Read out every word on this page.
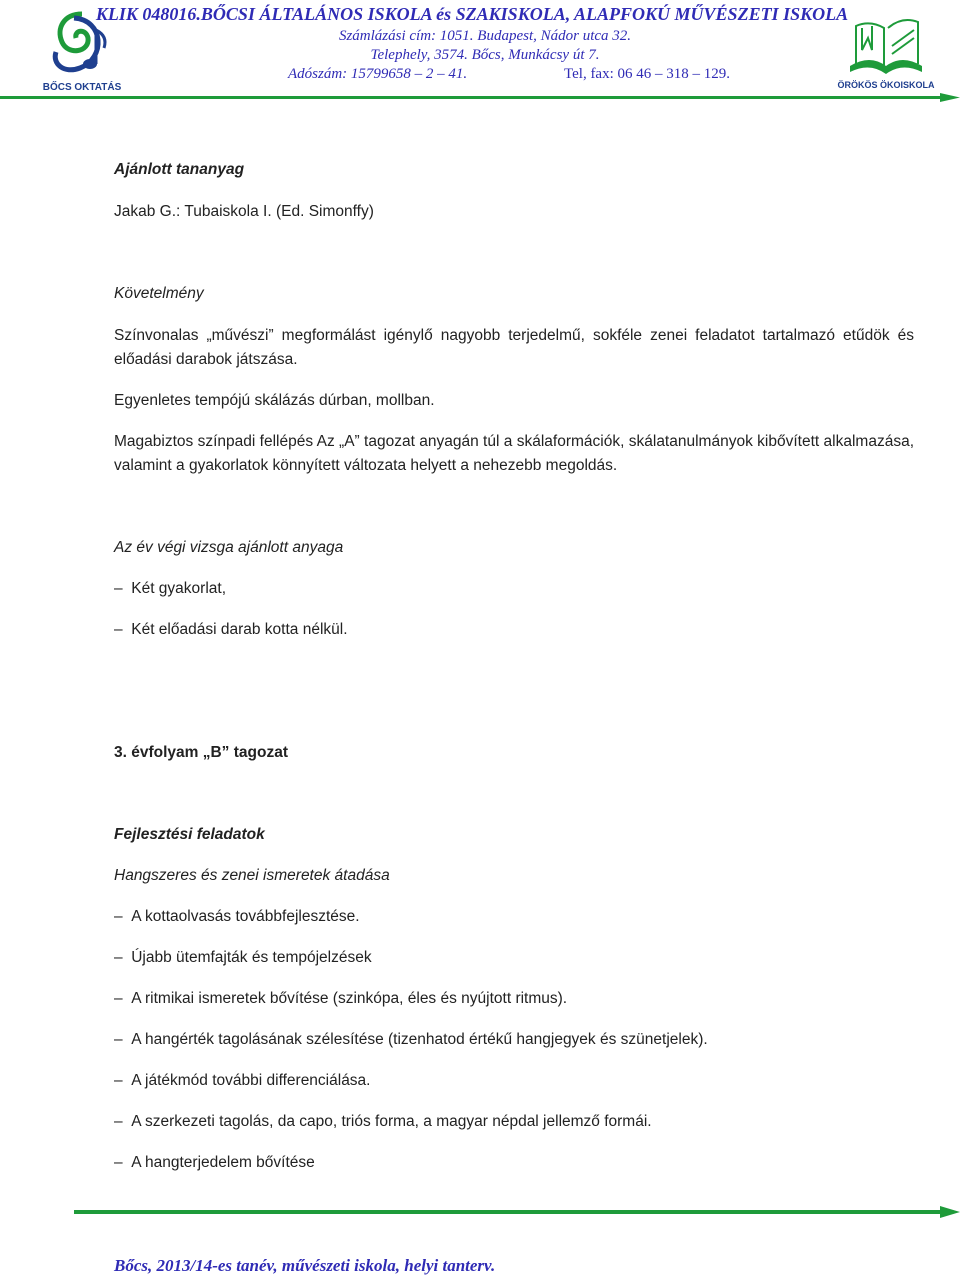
BŐCS OKTATÁS
KLIK 048016.BŐCSI ÁLTALÁNOS ISKOLA és SZAKISKOLA, ALAPFOKÚ MŰVÉSZETI ISKOLA
Számlázási cím: 1051. Budapest, Nádor utca 32.
Telephely, 3574. Bőcs, Munkácsy út 7.
Adószám: 15799658 – 2 – 41.	Tel, fax: 06 46 – 318 – 129.
ÖRÖKÖS ÖKOISKOLA
Ajánlott tananyag
Jakab G.: Tubaiskola I. (Ed. Simonffy)
Követelmény
Színvonalas „művészi” megformálást igénylő nagyobb terjedelmű, sokféle zenei feladatot tartalmazó etűdök és előadási darabok játszása.
Egyenletes tempójú skálázás dúrban, mollban.
Magabiztos színpadi fellépés Az „A” tagozat anyagán túl a skálaformációk, skálatanulmányok kibővített alkalmazása, valamint a gyakorlatok könnyített változata helyett a nehezebb megoldás.
Az év végi vizsga ajánlott anyaga
–  Két gyakorlat,
–  Két előadási darab kotta nélkül.
3. évfolyam „B” tagozat
Fejlesztési feladatok
Hangszeres és zenei ismeretek átadása
–  A kottaolvasás továbbfejlesztése.
–  Újabb ütemfajták és tempójelzések
–  A ritmikai ismeretek bővítése (szinkópa, éles és nyújtott ritmus).
–  A hangérték tagolásának szélesítése (tizenhatod értékű hangjegyek és szünetjelek).
–  A játékmód további differenciálása.
–  A szerkezeti tagolás, da capo, triós forma, a magyar népdal jellemző formái.
–  A hangterjedelem bővítése
Bőcs, 2013/14-es tanév, művészeti iskola, helyi tanterv.
